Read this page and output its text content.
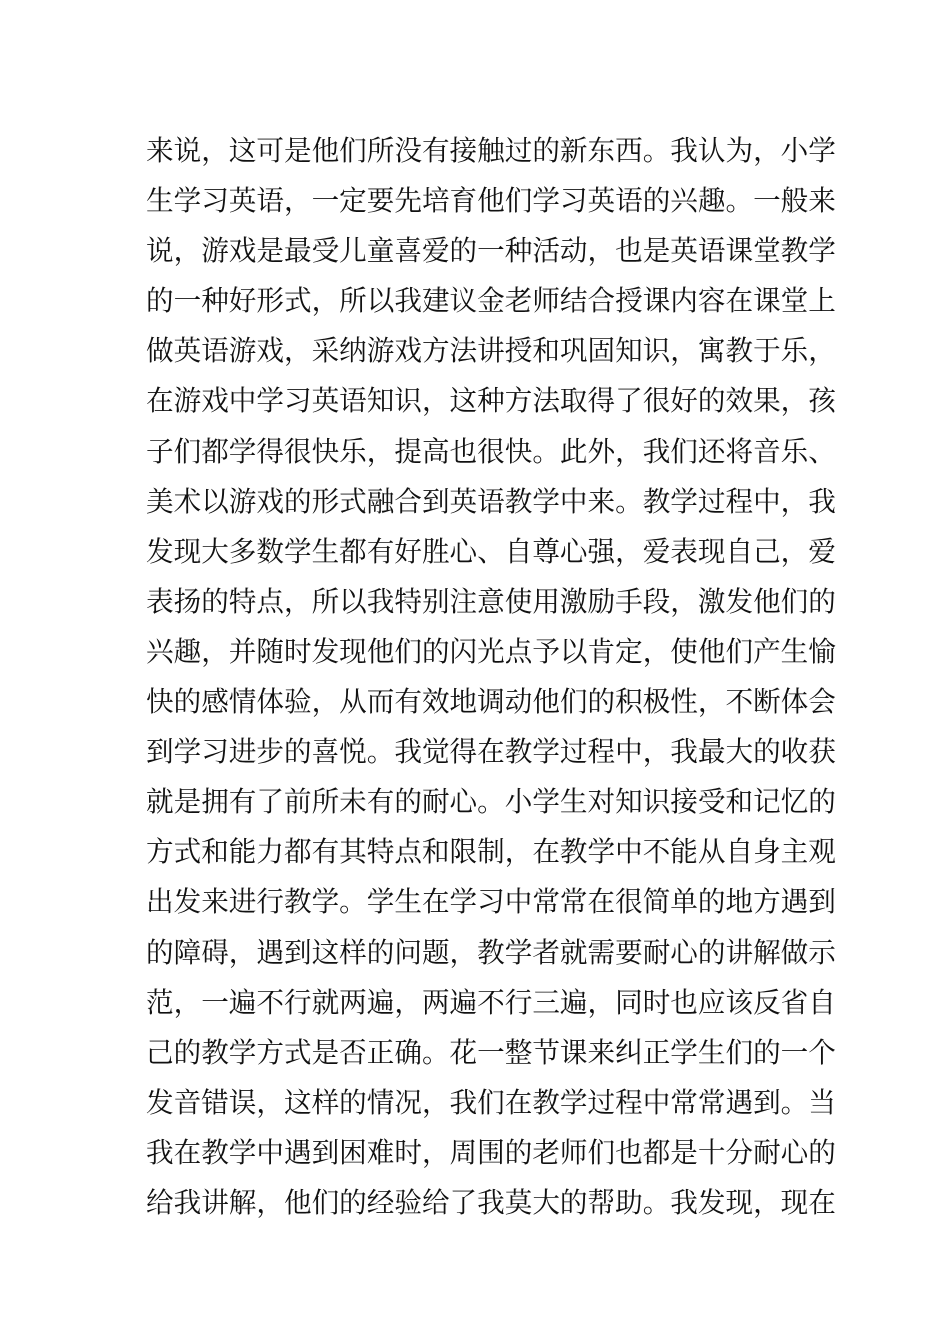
来说，这可是他们所没有接触过的新东西。我认为，小学
生学习英语，一定要先培育他们学习英语的兴趣。一般来
说，游戏是最受儿童喜爱的一种活动，也是英语课堂教学
的一种好形式，所以我建议金老师结合授课内容在课堂上
做英语游戏，采纳游戏方法讲授和巩固知识，寓教于乐，
在游戏中学习英语知识，这种方法取得了很好的效果，孩
子们都学得很快乐，提高也很快。此外，我们还将音乐、
美术以游戏的形式融合到英语教学中来。教学过程中，我
发现大多数学生都有好胜心、自尊心强，爱表现自己，爱
表扬的特点，所以我特别注意使用激励手段，激发他们的
兴趣，并随时发现他们的闪光点予以肯定，使他们产生愉
快的感情体验，从而有效地调动他们的积极性，不断体会
到学习进步的喜悦。我觉得在教学过程中，我最大的收获
就是拥有了前所未有的耐心。小学生对知识接受和记忆的
方式和能力都有其特点和限制，在教学中不能从自身主观
出发来进行教学。学生在学习中常常在很简单的地方遇到
的障碍，遇到这样的问题，教学者就需要耐心的讲解做示
范，一遍不行就两遍，两遍不行三遍，同时也应该反省自
己的教学方式是否正确。花一整节课来纠正学生们的一个
发音错误，这样的情况，我们在教学过程中常常遇到。当
我在教学中遇到困难时，周围的老师们也都是十分耐心的
给我讲解，他们的经验给了我莫大的帮助。我发现，现在
